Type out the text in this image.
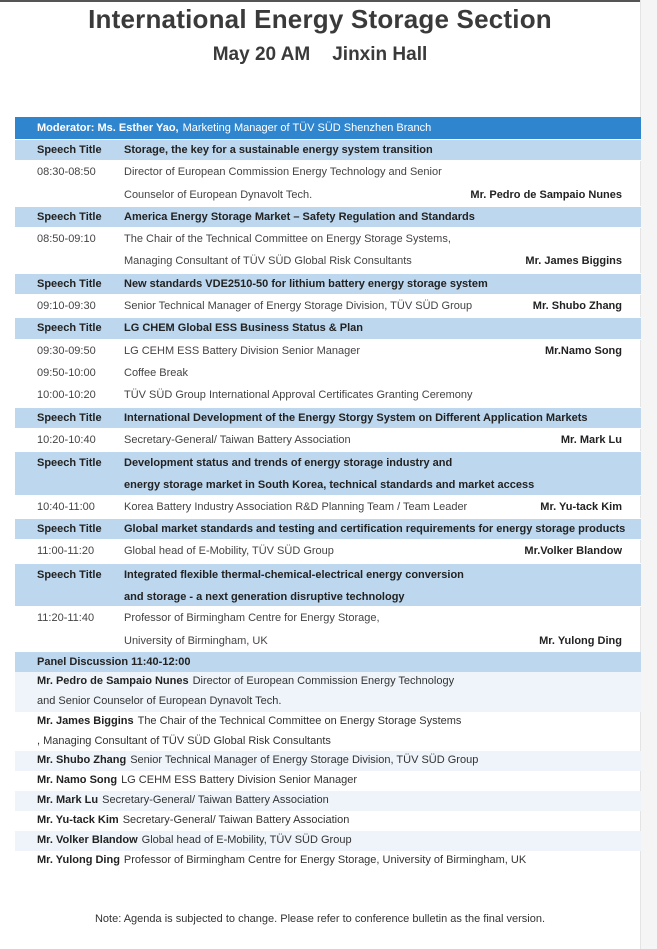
International Energy Storage Section
May 20 AM Jinxin Hall
Moderator: Ms. Esther Yao, Marketing Manager of TÜV SÜD Shenzhen Branch
Speech Title	Storage, the key for a sustainable energy system transition
08:30-08:50	Director of European Commission Energy Technology and Senior
Counselor of European Dynavolt Tech.	Mr. Pedro de Sampaio Nunes
Speech Title	America Energy Storage Market – Safety Regulation and Standards
08:50-09:10	The Chair of the Technical Committee on Energy Storage Systems,
Managing Consultant of TÜV SÜD Global Risk Consultants	Mr. James Biggins
Speech Title	New standards VDE2510-50 for lithium battery energy storage system
09:10-09:30	Senior Technical Manager of Energy Storage Division, TÜV SÜD Group	Mr. Shubo Zhang
Speech Title	LG CHEM Global ESS Business Status & Plan
09:30-09:50	LG CEHM ESS Battery Division Senior Manager	Mr.Namo Song
09:50-10:00	Coffee Break
10:00-10:20	TÜV SÜD Group International Approval Certificates Granting Ceremony
Speech Title	International Development of the Energy Storgy System on Different Application Markets
10:20-10:40	Secretary-General/ Taiwan Battery Association	Mr. Mark Lu
Speech Title	Development status and trends of energy storage industry and
energy storage market in South Korea, technical standards and market access
10:40-11:00	Korea Battery Industry Association R&D Planning Team / Team Leader	Mr. Yu-tack Kim
Speech Title	Global market standards and testing and certification requirements for energy storage products
11:00-11:20	Global head of E-Mobility, TÜV SÜD Group	Mr.Volker Blandow
Speech Title	Integrated flexible thermal-chemical-electrical energy conversion
and storage - a next generation disruptive technology
11:20-11:40	Professor of Birmingham Centre for Energy Storage,
University of Birmingham, UK	Mr. Yulong Ding
Panel Discussion 11:40-12:00
Mr. Pedro de Sampaio Nunes Director of European Commission Energy Technology
and Senior Counselor of European Dynavolt Tech.
Mr. James Biggins The Chair of the Technical Committee on Energy Storage Systems
, Managing Consultant of TÜV SÜD Global Risk Consultants
Mr. Shubo Zhang Senior Technical Manager of Energy Storage Division, TÜV SÜD Group
Mr. Namo Song LG CEHM ESS Battery Division Senior Manager
Mr. Mark Lu Secretary-General/ Taiwan Battery Association
Mr. Yu-tack Kim Secretary-General/ Taiwan Battery Association
Mr. Volker Blandow Global head of E-Mobility, TÜV SÜD Group
Mr. Yulong Ding Professor of Birmingham Centre for Energy Storage, University of Birmingham, UK
Note: Agenda is subjected to change. Please refer to conference bulletin as the final version.
